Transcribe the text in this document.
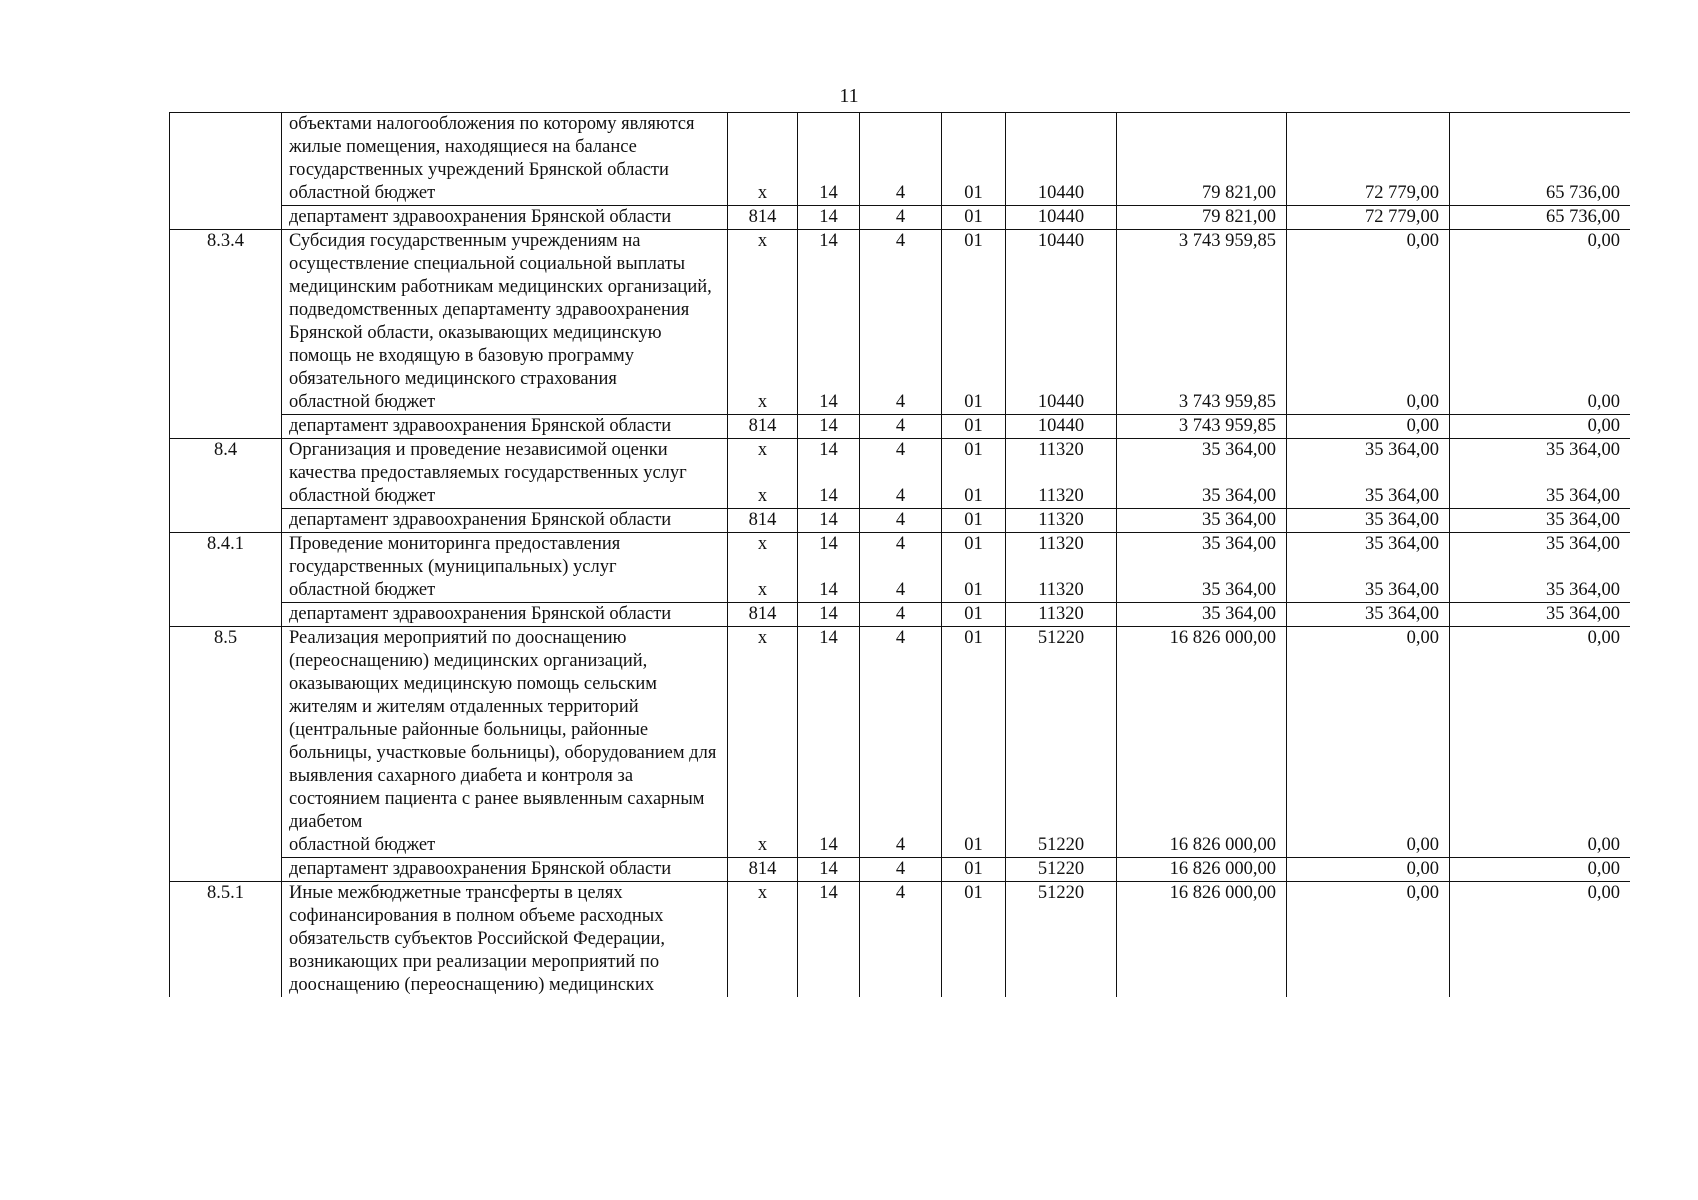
11
	объектами налогообложения по которому являются жилые помещения, находящиеся на балансе государственных учреждений Брянской области								
	областной бюджет	х	14	4	01	10440	79 821,00	72 779,00	65 736,00
	департамент здравоохранения Брянской области	814	14	4	01	10440	79 821,00	72 779,00	65 736,00
8.3.4	Субсидия государственным учреждениям на осуществление специальной социальной выплаты медицинским работникам медицинских организаций, подведомственных департаменту здравоохранения Брянской области, оказывающих медицинскую помощь не входящую в базовую программу обязательного медицинского страхования	х	14	4	01	10440	3 743 959,85	0,00	0,00
	областной бюджет	х	14	4	01	10440	3 743 959,85	0,00	0,00
	департамент здравоохранения Брянской области	814	14	4	01	10440	3 743 959,85	0,00	0,00
8.4	Организация и проведение независимой оценки качества предоставляемых государственных услуг	х	14	4	01	11320	35 364,00	35 364,00	35 364,00
	областной бюджет	х	14	4	01	11320	35 364,00	35 364,00	35 364,00
	департамент здравоохранения Брянской области	814	14	4	01	11320	35 364,00	35 364,00	35 364,00
8.4.1	Проведение мониторинга предоставления государственных (муниципальных) услуг	х	14	4	01	11320	35 364,00	35 364,00	35 364,00
	областной бюджет	х	14	4	01	11320	35 364,00	35 364,00	35 364,00
	департамент здравоохранения Брянской области	814	14	4	01	11320	35 364,00	35 364,00	35 364,00
8.5	Реализация мероприятий по дооснащению (переоснащению) медицинских организаций, оказывающих медицинскую помощь сельским жителям и жителям отдаленных территорий (центральные районные больницы, районные больницы, участковые больницы), оборудованием для выявления сахарного диабета и контроля за состоянием пациента с ранее выявленным сахарным диабетом	х	14	4	01	51220	16 826 000,00	0,00	0,00
	областной бюджет	х	14	4	01	51220	16 826 000,00	0,00	0,00
	департамент здравоохранения Брянской области	814	14	4	01	51220	16 826 000,00	0,00	0,00
8.5.1	Иные межбюджетные трансферты в целях софинансирования в полном объеме расходных обязательств субъектов Российской Федерации, возникающих при реализации мероприятий по дооснащению (переоснащению) медицинских	х	14	4	01	51220	16 826 000,00	0,00	0,00
